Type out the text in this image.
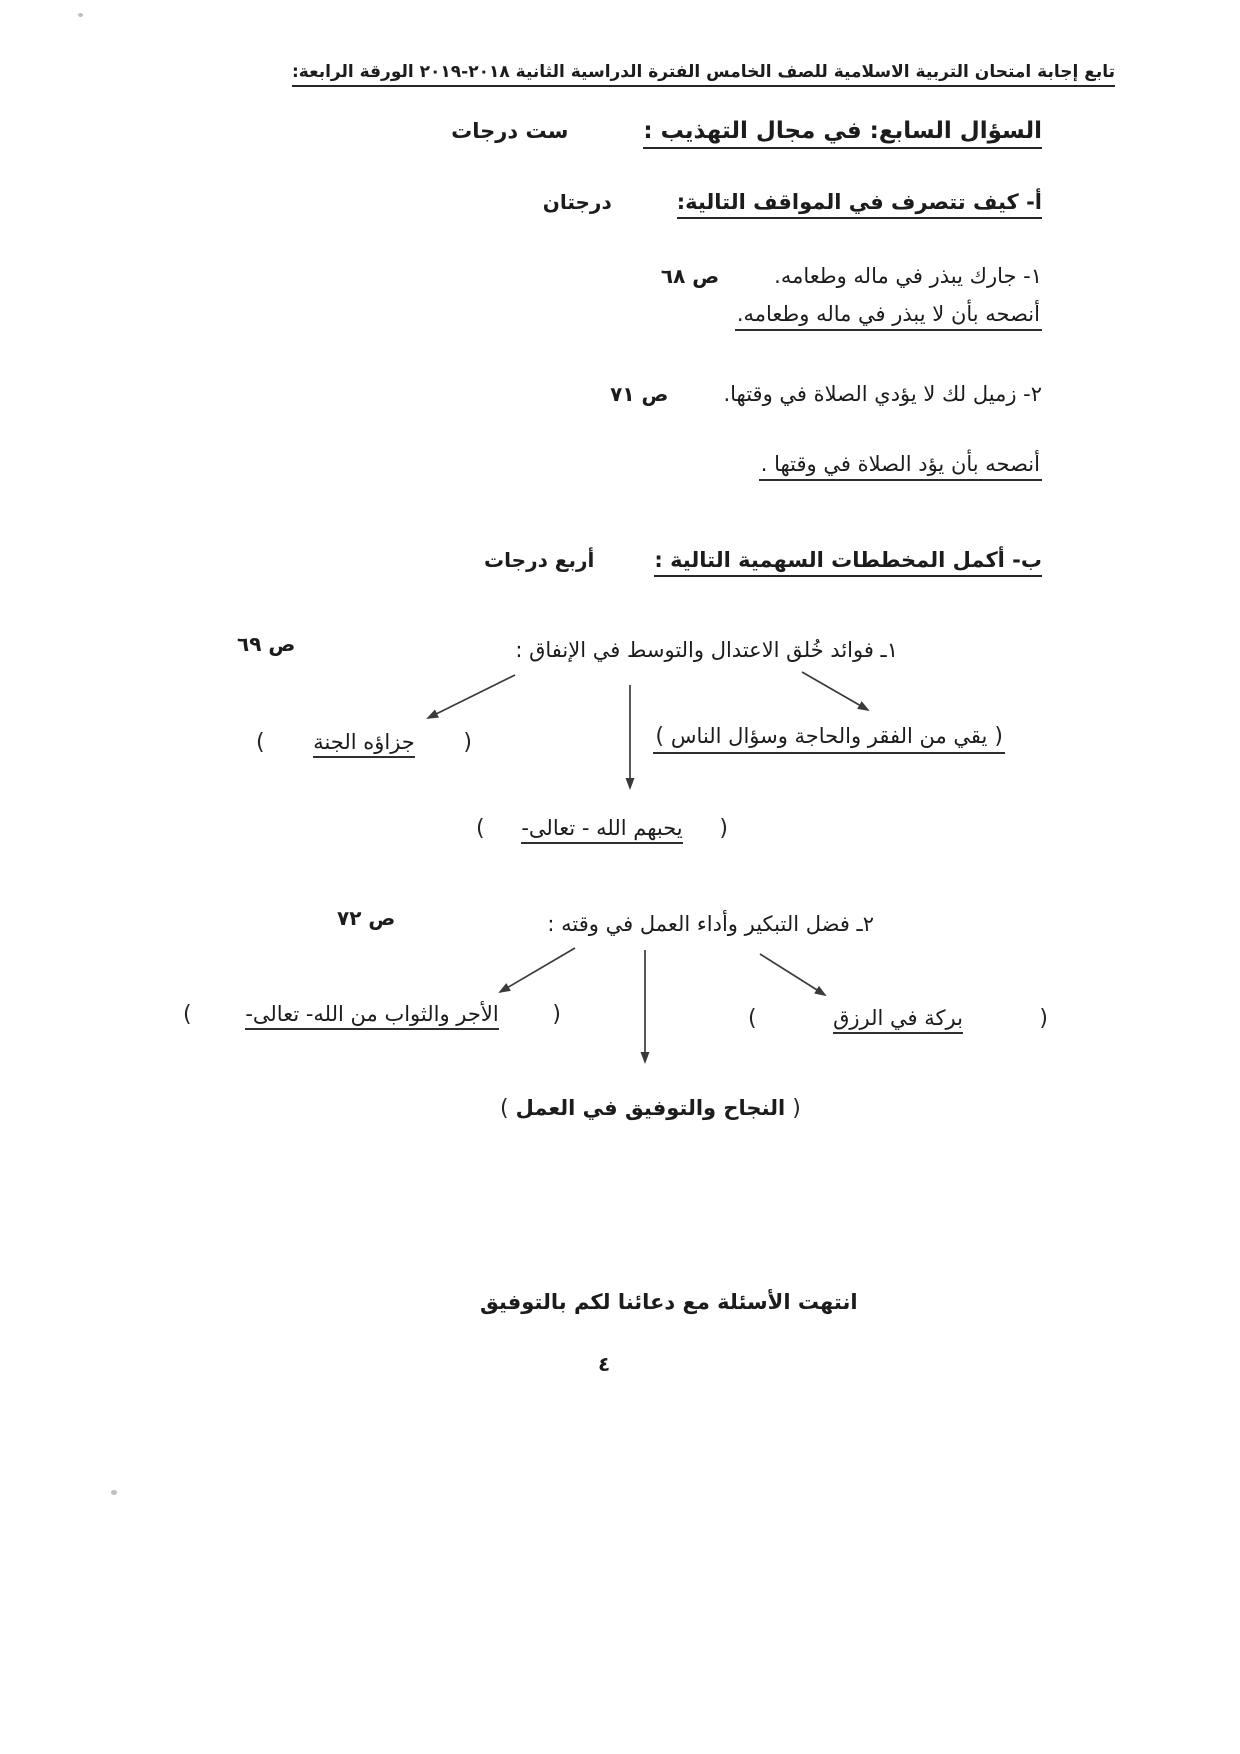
تابع إجابة امتحان التربية الاسلامية للصف الخامس الفترة الدراسية الثانية ٢٠١٨-٢٠١٩ الورقة الرابعة:
السؤال السابع: في مجال التهذيب :
ست درجات
أ- كيف تتصرف في المواقف التالية:
درجتان
١- جارك يبذر في ماله وطعامه.
ص ٦٨
أنصحه بأن لا يبذر في ماله وطعامه.
٢- زميل لك لا يؤدي الصلاة في وقتها.
ص ٧١
أنصحه بأن يؤد الصلاة في وقتها .
ب- أكمل المخططات السهمية التالية :
أربع درجات
١ـ فوائد خُلق الاعتدال والتوسط في الإنفاق :
ص ٦٩
( يقي من الفقر والحاجة وسؤال الناس )
( جزاؤه الجنة )
( يحبهم الله - تعالى- )
٢ـ فضل التبكير وأداء العمل في وقته :
ص ٧٢
(	بركة في الرزق	)
(	الأجر والثواب من الله- تعالى- )
( النجاح والتوفيق في العمل )
انتهت الأسئلة مع دعائنا لكم بالتوفيق
٤
